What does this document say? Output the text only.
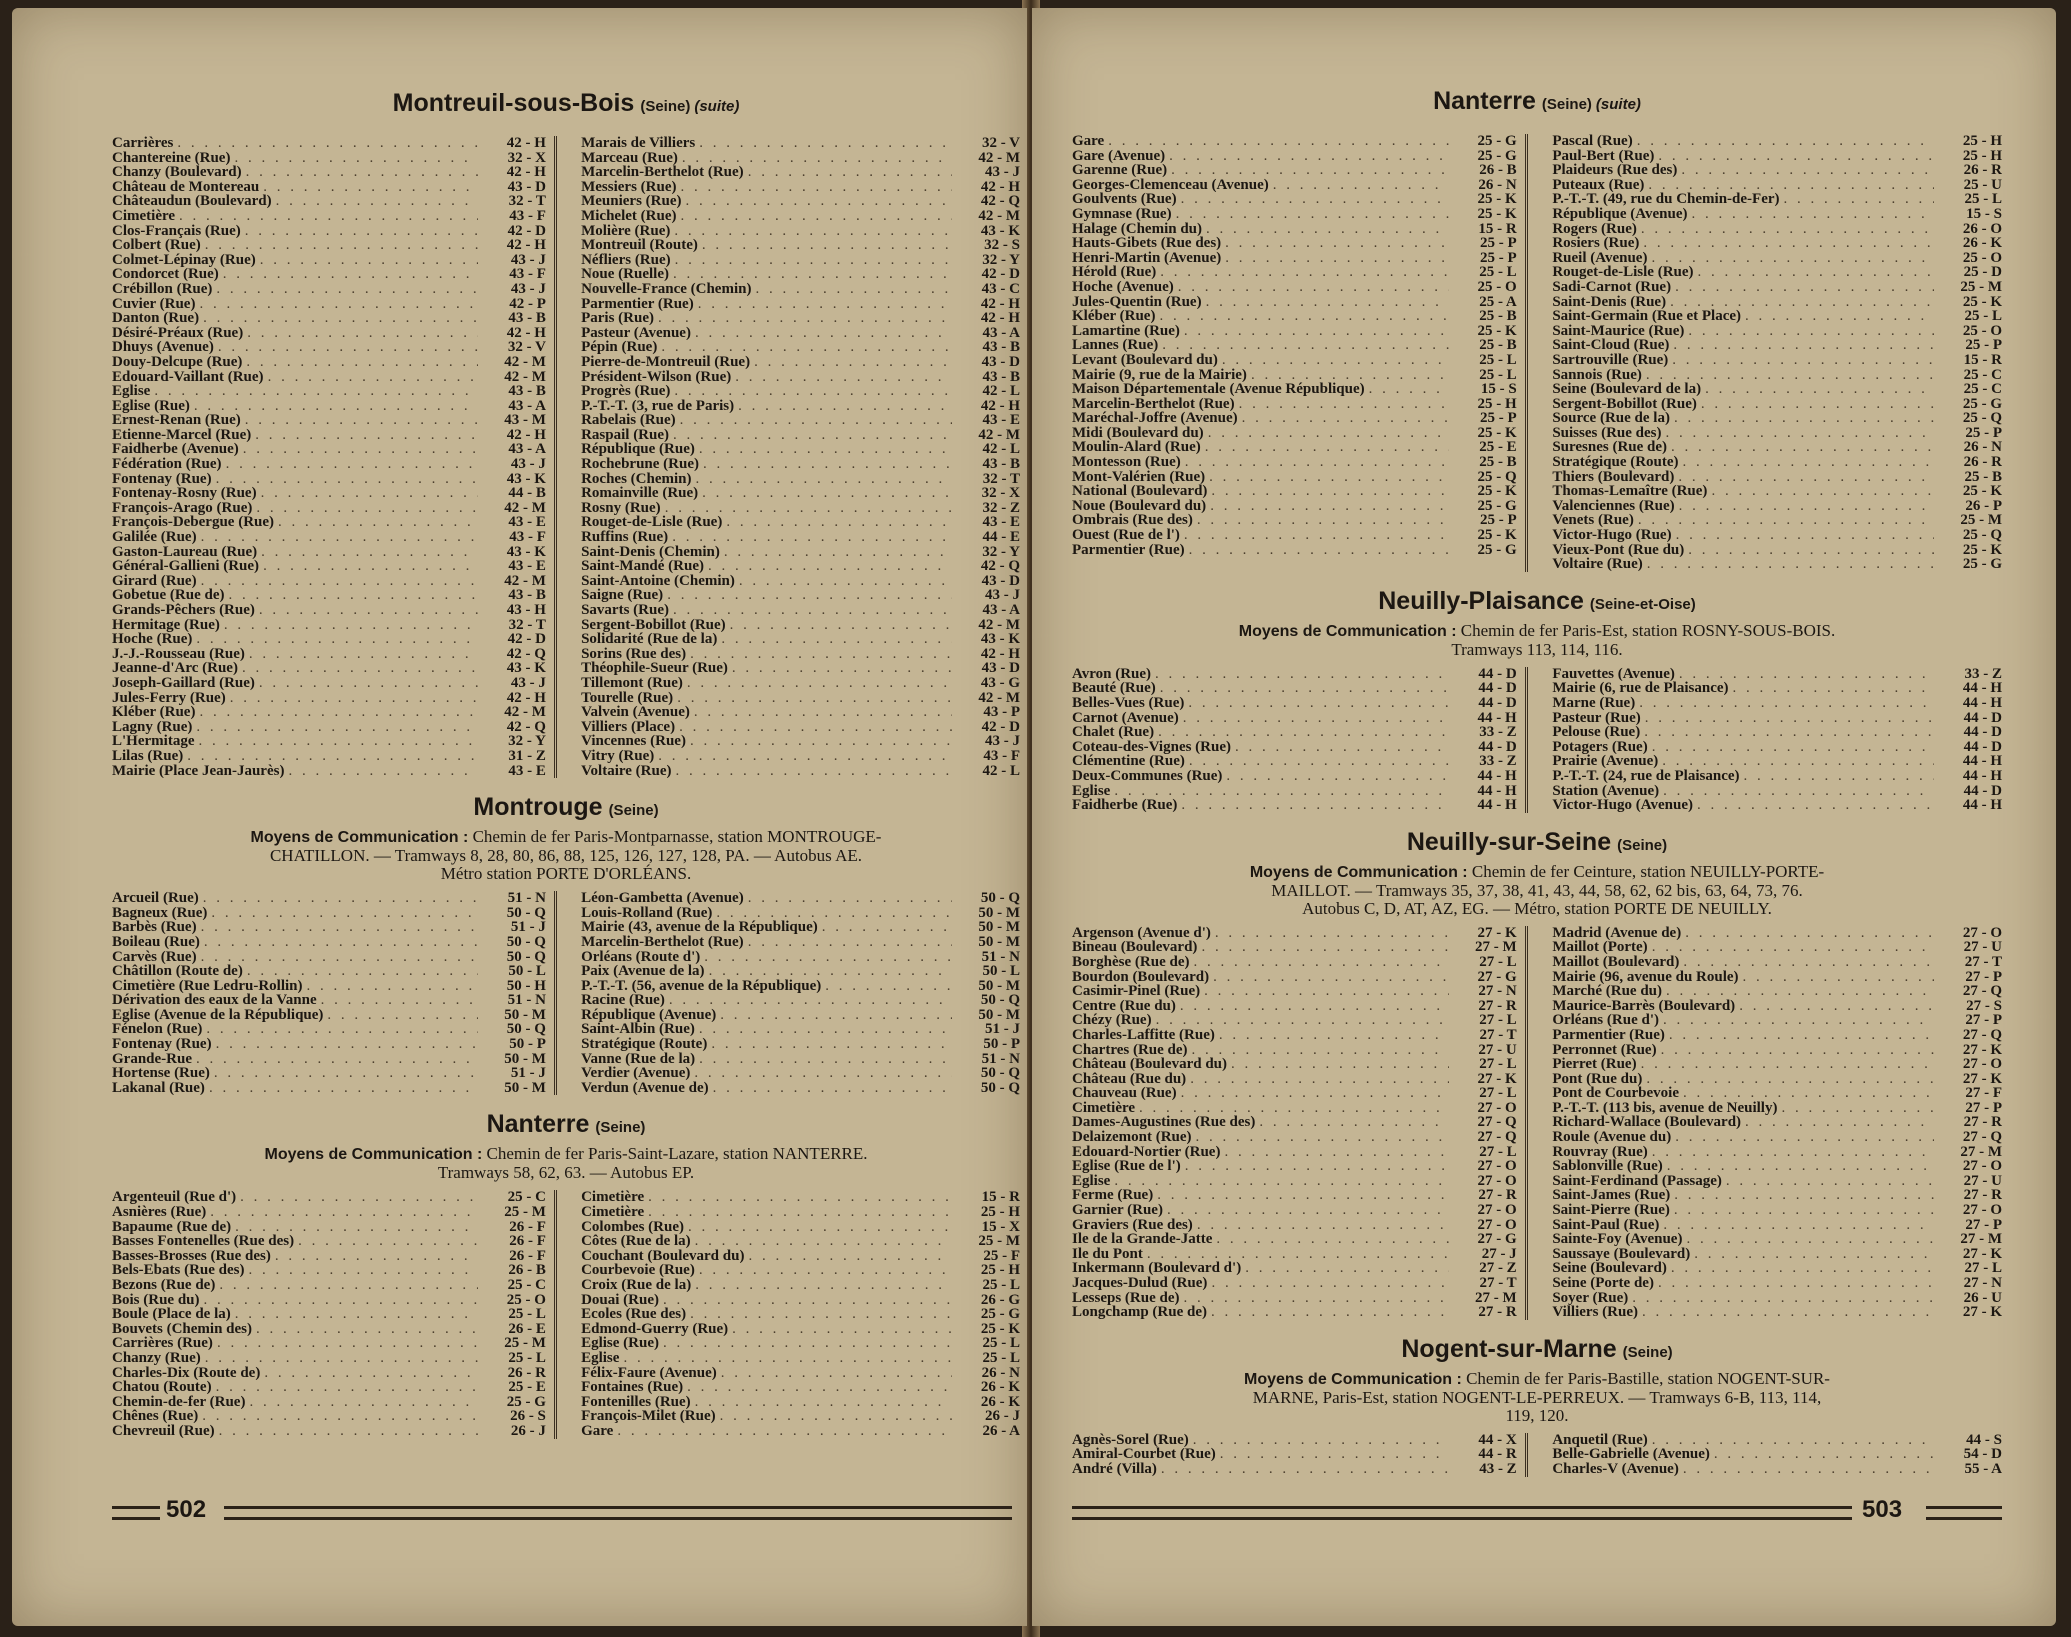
Montreuil-sous-Bois (Seine) (suite)
Carrières . . .	42 - H
Chantereine (Rue) . . .	32 - X
Chanzy (Boulevard) . . .	42 - H
Château de Montereau . . .	43 - D
Châteaudun (Boulevard) . . .	32 - T
Cimetière . . .	43 - F
Clos-Français (Rue) . . .	42 - D
Colbert (Rue) . . .	42 - H
Colmet-Lépinay (Rue) . . .	43 - J
Condorcet (Rue) . . .	43 - F
Crébillon (Rue) . . .	43 - J
Cuvier (Rue) . . .	42 - P
Danton (Rue) . . .	43 - B
Désiré-Préaux (Rue) . . .	42 - H
Dhuys (Avenue) . . .	32 - V
Douy-Delcupe (Rue) . . .	42 - M
Edouard-Vaillant (Rue) . . .	42 - M
Eglise . . .	43 - B
Eglise (Rue) . . .	43 - A
Ernest-Renan (Rue) . . .	43 - M
Etienne-Marcel (Rue) . . .	42 - H
Faidherbe (Avenue) . . .	43 - A
Fédération (Rue) . . .	43 - J
Fontenay (Rue) . . .	43 - K
Fontenay-Rosny (Rue) . . .	44 - B
François-Arago (Rue) . . .	42 - M
François-Debergue (Rue) . . .	43 - E
Galilée (Rue) . . .	43 - F
Gaston-Laureau (Rue) . . .	43 - K
Général-Gallieni (Rue) . . .	43 - E
Girard (Rue) . . .	42 - M
Gobetue (Rue de) . . .	43 - B
Grands-Pêchers (Rue) . . .	43 - H
Hermitage (Rue) . . .	32 - T
Hoche (Rue) . . .	42 - D
J.-J.-Rousseau (Rue) . . .	42 - Q
Jeanne-d'Arc (Rue) . . .	43 - K
Joseph-Gaillard (Rue) . . .	43 - J
Jules-Ferry (Rue) . . .	42 - H
Kléber (Rue) . . .	42 - M
Lagny (Rue) . . .	42 - Q
L'Hermitage . . .	32 - Y
Lilas (Rue) . . .	31 - Z
Mairie (Place Jean-Jaurès) . . .	43 - E
Marais de Villiers . . .	32 - V
Marceau (Rue) . . .	42 - M
Marcelin-Berthelot (Rue) . . .	43 - J
Messiers (Rue) . . .	42 - H
Meuniers (Rue) . . .	42 - Q
Michelet (Rue) . . .	42 - M
Molière (Rue) . . .	43 - K
Montreuil (Route) . . .	32 - S
Néfliers (Rue) . . .	32 - Y
Noue (Ruelle) . . .	42 - D
Nouvelle-France (Chemin) . . .	43 - C
Parmentier (Rue) . . .	42 - H
Paris (Rue) . . .	42 - H
Pasteur (Avenue) . . .	43 - A
Pépin (Rue) . . .	43 - B
Pierre-de-Montreuil (Rue) . . .	43 - D
Président-Wilson (Rue) . . .	43 - B
Progrès (Rue) . . .	42 - L
P.-T.-T. (3, rue de Paris) . . .	42 - H
Rabelais (Rue) . . .	43 - E
Raspail (Rue) . . .	42 - M
République (Rue) . . .	42 - L
Rochebrune (Rue) . . .	43 - B
Roches (Chemin) . . .	32 - T
Romainville (Rue) . . .	32 - X
Rosny (Rue) . . .	32 - Z
Rouget-de-Lisle (Rue) . . .	43 - E
Ruffins (Rue) . . .	44 - E
Saint-Denis (Chemin) . . .	32 - Y
Saint-Mandé (Rue) . . .	42 - Q
Saint-Antoine (Chemin) . . .	43 - D
Saigne (Rue) . . .	43 - J
Savarts (Rue) . . .	43 - A
Sergent-Bobillot (Rue) . . .	42 - M
Solidarité (Rue de la) . . .	43 - K
Sorins (Rue des) . . .	42 - H
Théophile-Sueur (Rue) . . .	43 - D
Tillemont (Rue) . . .	43 - G
Tourelle (Rue) . . .	42 - M
Valvein (Avenue) . . .	43 - P
Villiers (Place) . . .	42 - D
Vincennes (Rue) . . .	43 - J
Vitry (Rue) . . .	43 - F
Voltaire (Rue) . . .	42 - L
Montrouge (Seine)
Moyens de Communication : Chemin de fer Paris-Montparnasse, station MONTROUGE-
CHATILLON. — Tramways 8, 28, 80, 86, 88, 125, 126, 127, 128, PA. — Autobus AE.
Métro station PORTE D'ORLÉANS.
Arcueil (Rue) . . .	51 - N
Bagneux (Rue) . . .	50 - Q
Barbès (Rue) . . .	51 - J
Boileau (Rue) . . .	50 - Q
Carvès (Rue) . . .	50 - Q
Châtillon (Route de) . . .	50 - L
Cimetière (Rue Ledru-Rollin) . . .	50 - H
Dérivation des eaux de la Vanne . . .	51 - N
Eglise (Avenue de la République) . . .	50 - M
Fénelon (Rue) . . .	50 - Q
Fontenay (Rue) . . .	50 - P
Grande-Rue . . .	50 - M
Hortense (Rue) . . .	51 - J
Lakanal (Rue) . . .	50 - M
Léon-Gambetta (Avenue) . . .	50 - Q
Louis-Rolland (Rue) . . .	50 - M
Mairie (43, avenue de la République) . . .	50 - M
Marcelin-Berthelot (Rue) . . .	50 - M
Orléans (Route d') . . .	51 - N
Paix (Avenue de la) . . .	50 - L
P.-T.-T. (56, avenue de la République) . . .	50 - M
Racine (Rue) . . .	50 - Q
République (Avenue) . . .	50 - M
Saint-Albin (Rue) . . .	51 - J
Stratégique (Route) . . .	50 - P
Vanne (Rue de la) . . .	51 - N
Verdier (Avenue) . . .	50 - Q
Verdun (Avenue de) . . .	50 - Q
Nanterre (Seine)
Moyens de Communication : Chemin de fer Paris-Saint-Lazare, station NANTERRE.
Tramways 58, 62, 63. — Autobus EP.
Argenteuil (Rue d') . . .	25 - C
Asnières (Rue) . . .	25 - M
Bapaume (Rue de) . . .	26 - F
Basses Fontenelles (Rue des) . . .	26 - F
Basses-Brosses (Rue des) . . .	26 - F
Bels-Ebats (Rue des) . . .	26 - B
Bezons (Rue de) . . .	25 - C
Bois (Rue du) . . .	25 - O
Boule (Place de la) . . .	25 - L
Bouvets (Chemin des) . . .	26 - E
Carrières (Rue) . . .	25 - M
Chanzy (Rue) . . .	25 - L
Charles-Dix (Route de) . . .	26 - R
Chatou (Route) . . .	25 - E
Chemin-de-fer (Rue) . . .	25 - G
Chênes (Rue) . . .	26 - S
Chevreuil (Rue) . . .	26 - J
Cimetière . . .	15 - R
Cimetière . . .	25 - H
Colombes (Rue) . . .	15 - X
Côtes (Rue de la) . . .	25 - M
Couchant (Boulevard du) . . .	25 - F
Courbevoie (Rue) . . .	25 - H
Croix (Rue de la) . . .	25 - L
Douai (Rue) . . .	26 - G
Ecoles (Rue des) . . .	25 - G
Edmond-Guerry (Rue) . . .	25 - K
Eglise (Rue) . . .	25 - L
Eglise . . .	25 - L
Félix-Faure (Avenue) . . .	26 - N
Fontaines (Rue) . . .	26 - K
Fontenilles (Rue) . . .	26 - K
François-Milet (Rue) . . .	26 - J
Gare . . .	26 - A
502
Nanterre (Seine) (suite)
Gare . . .	25 - G
Gare (Avenue) . . .	25 - G
Garenne (Rue) . . .	26 - B
Georges-Clemenceau (Avenue) . . .	26 - N
Goulvents (Rue) . . .	25 - K
Gymnase (Rue) . . .	25 - K
Halage (Chemin du) . . .	15 - R
Hauts-Gibets (Rue des) . . .	25 - P
Henri-Martin (Avenue) . . .	25 - P
Hérold (Rue) . . .	25 - L
Hoche (Avenue) . . .	25 - O
Jules-Quentin (Rue) . . .	25 - A
Kléber (Rue) . . .	25 - B
Lamartine (Rue) . . .	25 - K
Lannes (Rue) . . .	25 - B
Levant (Boulevard du) . . .	25 - L
Mairie (9, rue de la Mairie) . . .	25 - L
Maison Départementale (Avenue République) . . .	15 - S
Marcelin-Berthelot (Rue) . . .	25 - H
Maréchal-Joffre (Avenue) . . .	25 - P
Midi (Boulevard du) . . .	25 - K
Moulin-Alard (Rue) . . .	25 - E
Montesson (Rue) . . .	25 - B
Mont-Valérien (Rue) . . .	25 - Q
National (Boulevard) . . .	25 - K
Noue (Boulevard du) . . .	25 - G
Ombrais (Rue des) . . .	25 - P
Ouest (Rue de l') . . .	25 - K
Parmentier (Rue) . . .	25 - G
Pascal (Rue) . . .	25 - H
Paul-Bert (Rue) . . .	25 - H
Plaideurs (Rue des) . . .	26 - R
Puteaux (Rue) . . .	25 - U
P.-T.-T. (49, rue du Chemin-de-Fer) . . .	25 - L
République (Avenue) . . .	15 - S
Rogers (Rue) . . .	26 - O
Rosiers (Rue) . . .	26 - K
Rueil (Avenue) . . .	25 - O
Rouget-de-Lisle (Rue) . . .	25 - D
Sadi-Carnot (Rue) . . .	25 - M
Saint-Denis (Rue) . . .	25 - K
Saint-Germain (Rue et Place) . . .	25 - L
Saint-Maurice (Rue) . . .	25 - O
Saint-Cloud (Rue) . . .	25 - P
Sartrouville (Rue) . . .	15 - R
Sannois (Rue) . . .	25 - C
Seine (Boulevard de la) . . .	25 - C
Sergent-Bobillot (Rue) . . .	25 - G
Source (Rue de la) . . .	25 - Q
Suisses (Rue des) . . .	25 - P
Suresnes (Rue de) . . .	26 - N
Stratégique (Route) . . .	26 - R
Thiers (Boulevard) . . .	25 - B
Thomas-Lemaître (Rue) . . .	25 - K
Valenciennes (Rue) . . .	26 - P
Venets (Rue) . . .	25 - M
Victor-Hugo (Rue) . . .	25 - Q
Vieux-Pont (Rue du) . . .	25 - K
Voltaire (Rue) . . .	25 - G
Neuilly-Plaisance (Seine-et-Oise)
Moyens de Communication : Chemin de fer Paris-Est, station ROSNY-SOUS-BOIS.
Tramways 113, 114, 116.
Avron (Rue) . . .	44 - D
Beauté (Rue) . . .	44 - D
Belles-Vues (Rue) . . .	44 - D
Carnot (Avenue) . . .	44 - H
Chalet (Rue) . . .	33 - Z
Coteau-des-Vignes (Rue) . . .	44 - D
Clémentine (Rue) . . .	33 - Z
Deux-Communes (Rue) . . .	44 - H
Eglise . . .	44 - H
Faidherbe (Rue) . . .	44 - H
Fauvettes (Avenue) . . .	33 - Z
Mairie (6, rue de Plaisance) . . .	44 - H
Marne (Rue) . . .	44 - H
Pasteur (Rue) . . .	44 - D
Pelouse (Rue) . . .	44 - D
Potagers (Rue) . . .	44 - D
Prairie (Avenue) . . .	44 - H
P.-T.-T. (24, rue de Plaisance) . . .	44 - H
Station (Avenue) . . .	44 - D
Victor-Hugo (Avenue) . . .	44 - H
Neuilly-sur-Seine (Seine)
Moyens de Communication : Chemin de fer Ceinture, station NEUILLY-PORTE-
MAILLOT. — Tramways 35, 37, 38, 41, 43, 44, 58, 62, 62 bis, 63, 64, 73, 76.
Autobus C, D, AT, AZ, EG. — Métro, station PORTE DE NEUILLY.
Argenson (Avenue d') . . .	27 - K
Bineau (Boulevard) . . .	27 - M
Borghèse (Rue de) . . .	27 - L
Bourdon (Boulevard) . . .	27 - G
Casimir-Pinel (Rue) . . .	27 - N
Centre (Rue du) . . .	27 - R
Chézy (Rue) . . .	27 - L
Charles-Laffitte (Rue) . . .	27 - T
Chartres (Rue de) . . .	27 - U
Château (Boulevard du) . . .	27 - L
Château (Rue du) . . .	27 - K
Chauveau (Rue) . . .	27 - L
Cimetière . . .	27 - O
Dames-Augustines (Rue des) . . .	27 - Q
Delaizemont (Rue) . . .	27 - Q
Edouard-Nortier (Rue) . . .	27 - L
Eglise (Rue de l') . . .	27 - O
Eglise . . .	27 - O
Ferme (Rue) . . .	27 - R
Garnier (Rue) . . .	27 - O
Graviers (Rue des) . . .	27 - O
Ile de la Grande-Jatte . . .	27 - G
Ile du Pont . . .	27 - J
Inkermann (Boulevard d') . . .	27 - Z
Jacques-Dulud (Rue) . . .	27 - T
Lesseps (Rue de) . . .	27 - M
Longchamp (Rue de) . . .	27 - R
Madrid (Avenue de) . . .	27 - O
Maillot (Porte) . . .	27 - U
Maillot (Boulevard) . . .	27 - T
Mairie (96, avenue du Roule) . . .	27 - P
Marché (Rue du) . . .	27 - Q
Maurice-Barrès (Boulevard) . . .	27 - S
Orléans (Rue d') . . .	27 - P
Parmentier (Rue) . . .	27 - Q
Perronnet (Rue) . . .	27 - K
Pierret (Rue) . . .	27 - O
Pont (Rue du) . . .	27 - K
Pont de Courbevoie . . .	27 - F
P.-T.-T. (113 bis, avenue de Neuilly) . . .	27 - P
Richard-Wallace (Boulevard) . . .	27 - R
Roule (Avenue du) . . .	27 - Q
Rouvray (Rue) . . .	27 - M
Sablonville (Rue) . . .	27 - O
Saint-Ferdinand (Passage) . . .	27 - U
Saint-James (Rue) . . .	27 - R
Saint-Pierre (Rue) . . .	27 - O
Saint-Paul (Rue) . . .	27 - P
Sainte-Foy (Avenue) . . .	27 - M
Saussaye (Boulevard) . . .	27 - K
Seine (Boulevard) . . .	27 - L
Seine (Porte de) . . .	27 - N
Soyer (Rue) . . .	26 - U
Villiers (Rue) . . .	27 - K
Nogent-sur-Marne (Seine)
Moyens de Communication : Chemin de fer Paris-Bastille, station NOGENT-SUR-
MARNE, Paris-Est, station NOGENT-LE-PERREUX. — Tramways 6-B, 113, 114,
119, 120.
Agnès-Sorel (Rue) . . .	44 - X
Amiral-Courbet (Rue) . . .	44 - R
André (Villa) . . .	43 - Z
Anquetil (Rue) . . .	44 - S
Belle-Gabrielle (Avenue) . . .	54 - D
Charles-V (Avenue) . . .	55 - A
503
